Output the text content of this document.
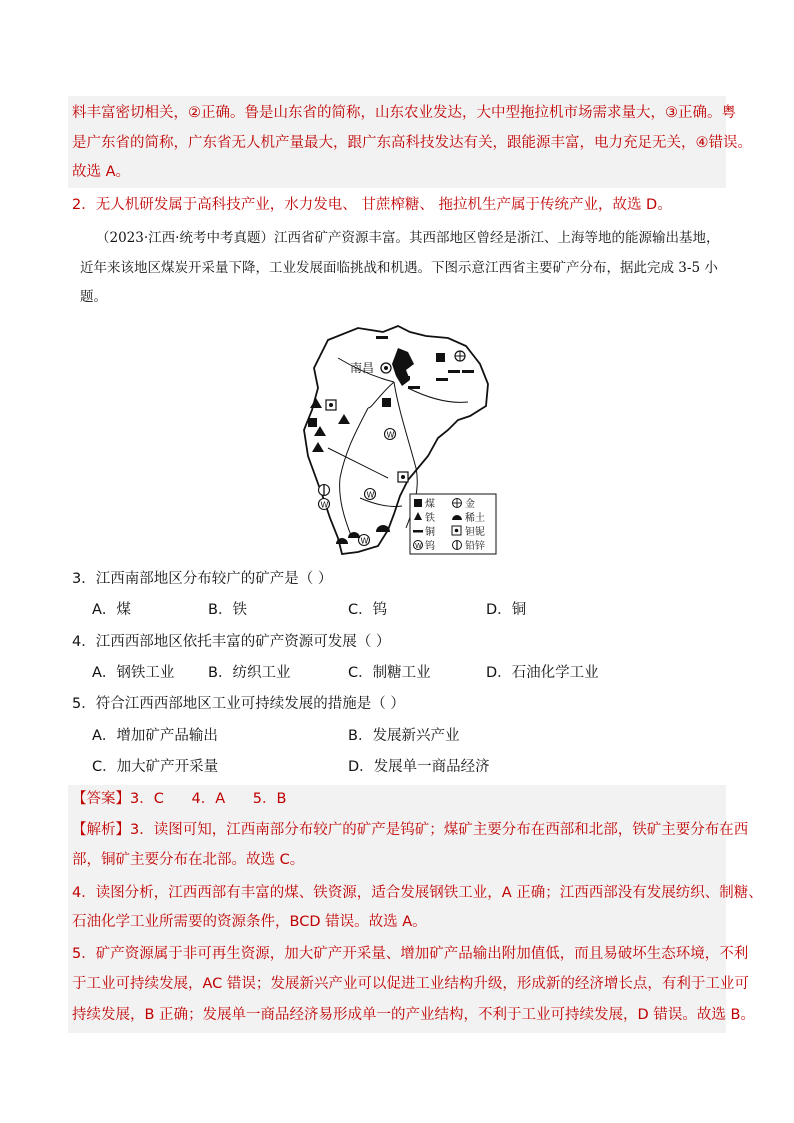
料丰富密切相关，②正确。鲁是山东省的简称，山东农业发达，大中型拖拉机市场需求量大，③正确。粤
是广东省的简称，广东省无人机产量最大，跟广东高科技发达有关，跟能源丰富，电力充足无关，④错误。
故选 A。
2．无人机研发属于高科技产业，水力发电、 甘蔗榨糖、 拖拉机生产属于传统产业，故选 D。
（2023·江西·统考中考真题）江西省矿产资源丰富。其西部地区曾经是浙江、上海等地的能源输出基地，
近年来该地区煤炭开采量下降，工业发展面临挑战和机遇。下图示意江西省主要矿产分布，据此完成 3-5 小
题。
南昌
W
W
W
W
煤	金
铁	稀土
铜	钽铌
W 钨	铅锌
3．江西南部地区分布较广的矿产是（ ）
A．煤	B．铁	C．钨	D．铜
4．江西西部地区依托丰富的矿产资源可发展（ ）
A．钢铁工业 B．纺织工业	C．制糖工业	D．石油化学工业
5．符合江西西部地区工业可持续发展的措施是（ ）
A．增加矿产品输出	B．发展新兴产业
C．加大矿产开采量	D．发展单一商品经济
【答案】3．C      4．A      5．B
【解析】3．读图可知，江西南部分布较广的矿产是钨矿；煤矿主要分布在西部和北部，铁矿主要分布在西
部，铜矿主要分布在北部。故选 C。
4．读图分析，江西西部有丰富的煤、铁资源，适合发展钢铁工业，A 正确；江西西部没有发展纺织、制糖、
石油化学工业所需要的资源条件，BCD 错误。故选 A。
5．矿产资源属于非可再生资源，加大矿产开采量、增加矿产品输出附加值低，而且易破坏生态环境，不利
于工业可持续发展，AC 错误；发展新兴产业可以促进工业结构升级，形成新的经济增长点，有利于工业可
持续发展，B 正确；发展单一商品经济易形成单一的产业结构，不利于工业可持续发展，D 错误。故选 B。
